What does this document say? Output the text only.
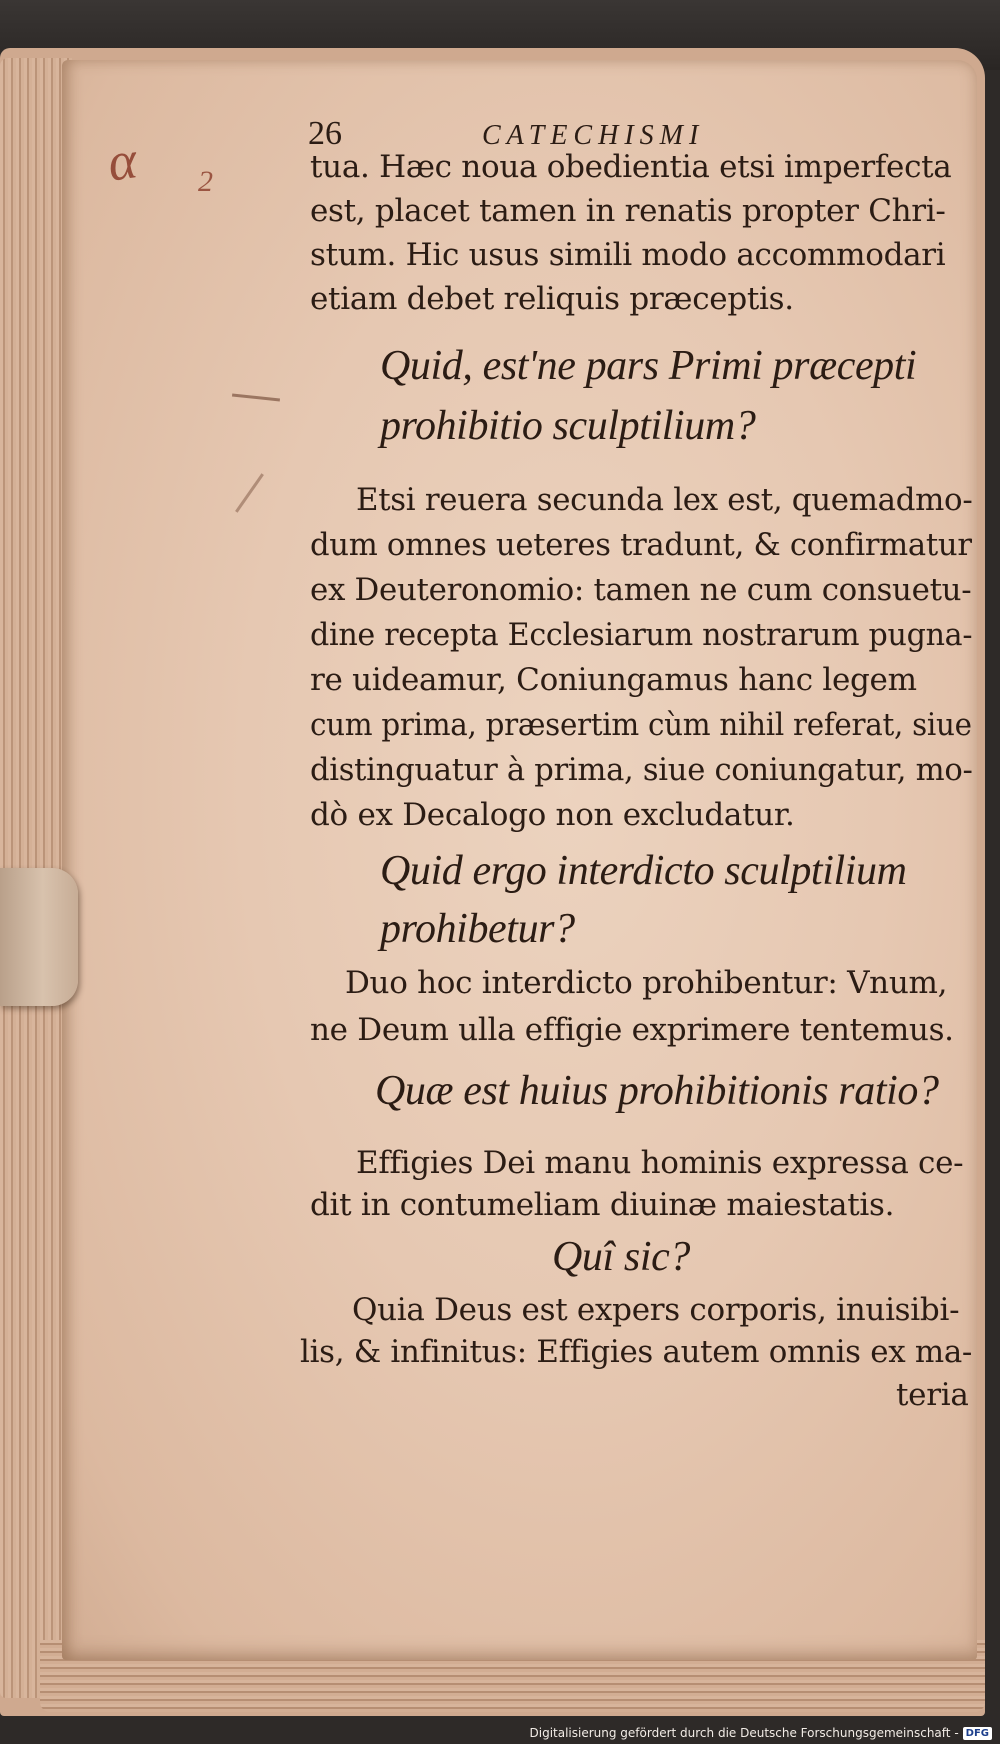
α 2
26	CATECHISMI

tua. Hæc noua obedientia etsi imperfecta

est, placet tamen in renatis propter Chri-

stum. Hic usus simili modo accommodari

etiam debet reliquis præceptis.

Quid, est'ne pars Primi præcepti

prohibitio sculptilium?

Etsi reuera secunda lex est, quemadmo-

dum omnes ueteres tradunt, & confirmatur

ex Deuteronomio: tamen ne cum consuetu-

dine recepta Ecclesiarum nostrarum pugna-

re uideamur, Coniungamus hanc legem

cum prima, præsertim cùm nihil referat, siue

distinguatur à prima, siue coniungatur, mo-

dò ex Decalogo non excludatur.

Quid ergo interdicto sculptilium

prohibetur?

Duo hoc interdicto prohibentur: Vnum,

ne Deum ulla effigie exprimere tentemus.

Quæ est huius prohibitionis ratio?

Effigies Dei manu hominis expressa ce-

dit in contumeliam diuinæ maiestatis.

Quî sic?

Quia Deus est expers corporis, inuisibi-

lis, & infinitus: Effigies autem omnis ex ma-

teria

Digitalisierung gefördert durch die Deutsche Forschungsgemeinschaft - DFG
